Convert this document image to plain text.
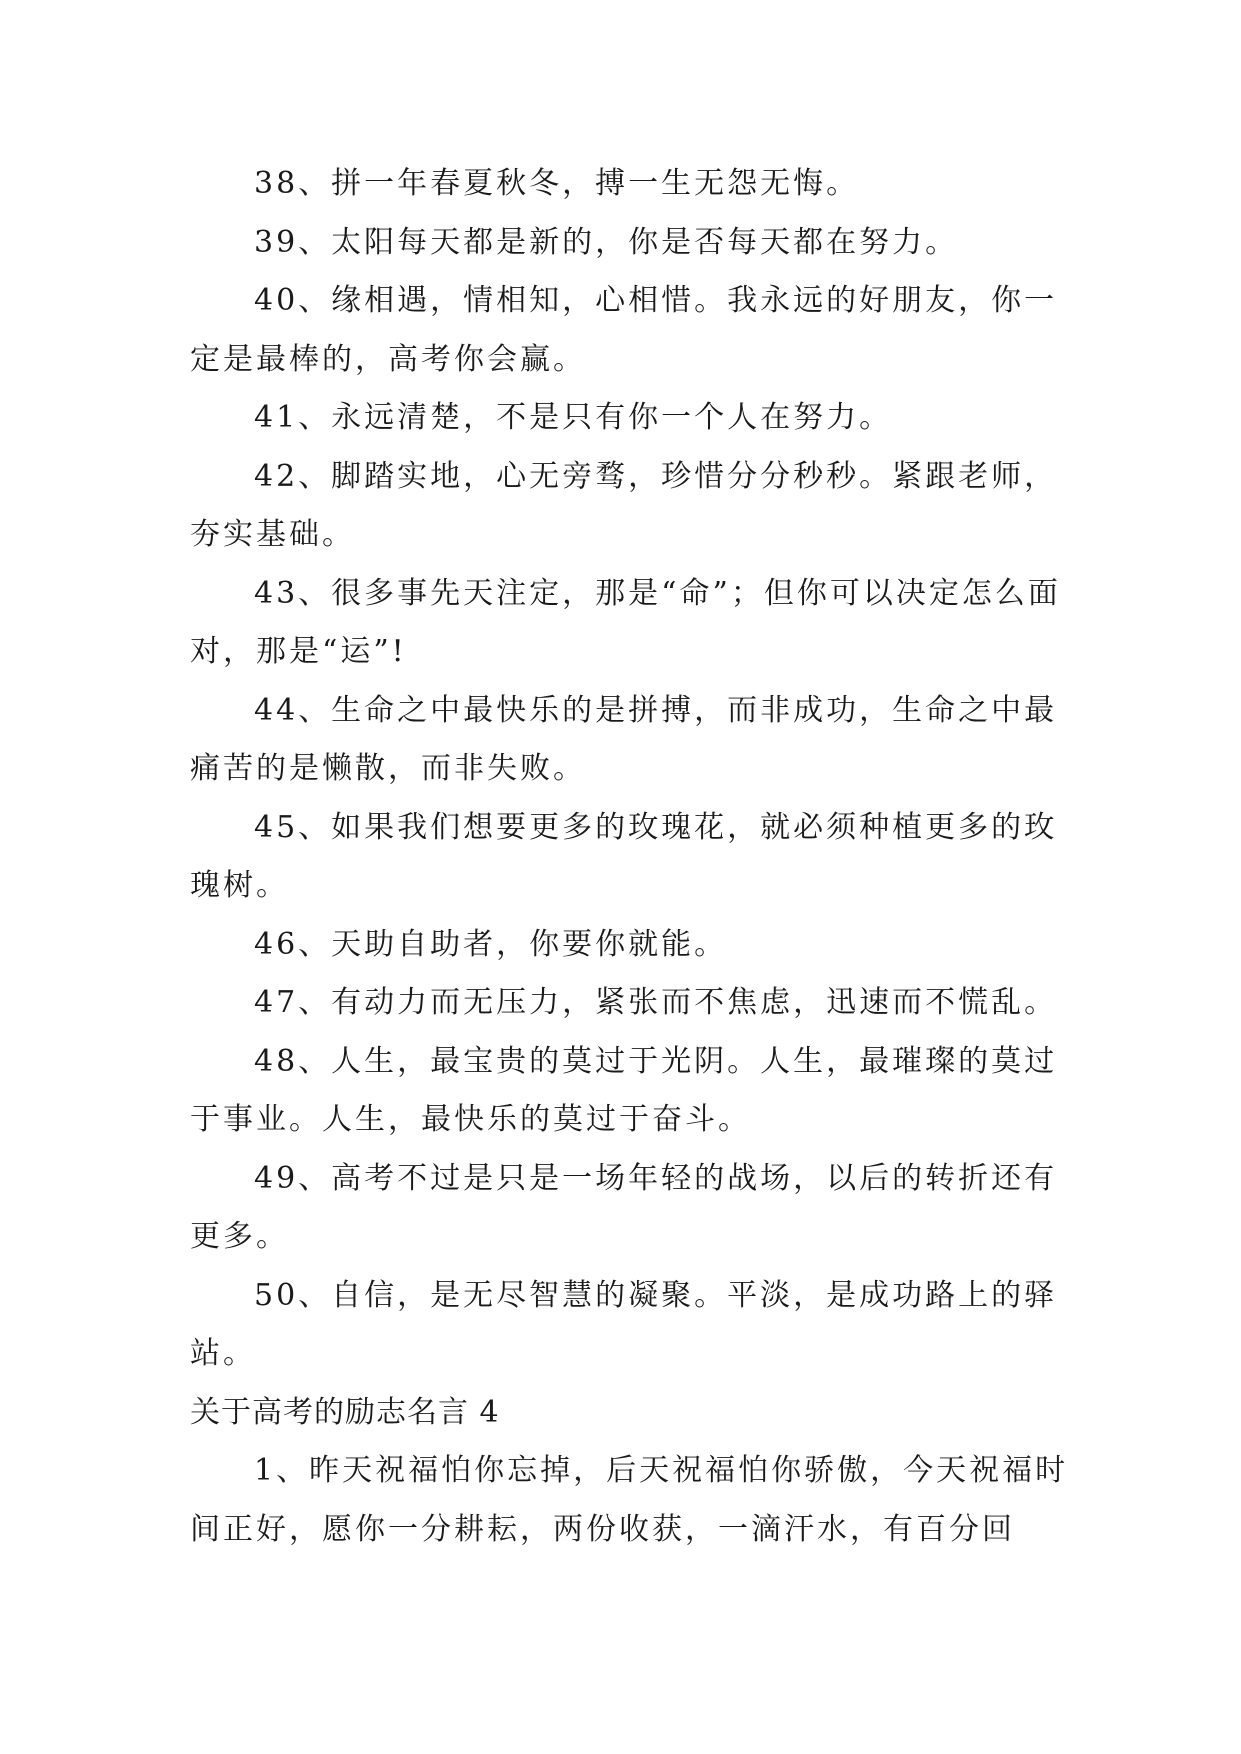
38、拼一年春夏秋冬，搏一生无怨无悔。

39、太阳每天都是新的，你是否每天都在努力。

40、缘相遇，情相知，心相惜。我永远的好朋友，你一定是最棒的，高考你会赢。

41、永远清楚，不是只有你一个人在努力。

42、脚踏实地，心无旁骛，珍惜分分秒秒。紧跟老师，夯实基础。

43、很多事先天注定，那是“命”；但你可以决定怎么面对，那是“运”!

44、生命之中最快乐的是拼搏，而非成功，生命之中最痛苦的是懒散，而非失败。

45、如果我们想要更多的玫瑰花，就必须种植更多的玫瑰树。

46、天助自助者，你要你就能。

47、有动力而无压力，紧张而不焦虑，迅速而不慌乱。

48、人生，最宝贵的莫过于光阴。人生，最璀璨的莫过于事业。人生，最快乐的莫过于奋斗。

49、高考不过是只是一场年轻的战场，以后的转折还有更多。

50、自信，是无尽智慧的凝聚。平淡，是成功路上的驿站。

关于高考的励志名言 4

1、昨天祝福怕你忘掉，后天祝福怕你骄傲，今天祝福时间正好，愿你一分耕耘，两份收获，一滴汗水，有百分回
